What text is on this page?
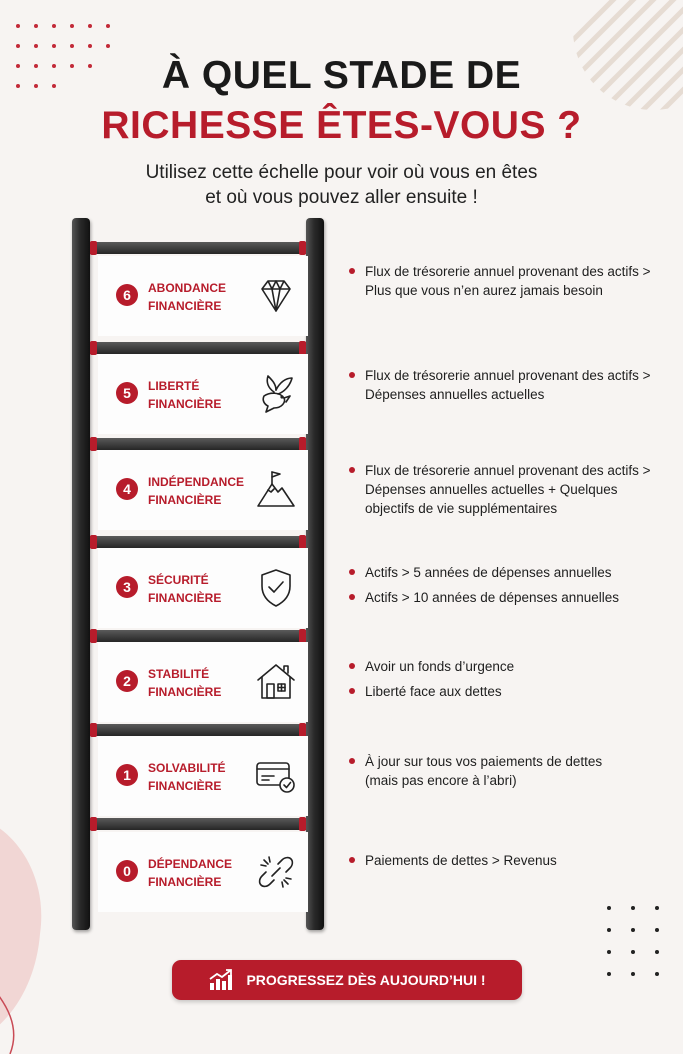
À QUEL STADE DE
RICHESSE ÊTES-VOUS ?
Utilisez cette échelle pour voir où vous en êtes
et où vous pouvez aller ensuite !
6	ABONDANCE
FINANCIÈRE
5	LIBERTÉ
FINANCIÈRE
4	INDÉPENDANCE
FINANCIÈRE
3	SÉCURITÉ
FINANCIÈRE
2	STABILITÉ
FINANCIÈRE
1	SOLVABILITÉ
FINANCIÈRE
0	DÉPENDANCE
FINANCIÈRE
Flux de trésorerie annuel provenant des actifs > Plus que vous n’en aurez jamais besoin
Flux de trésorerie annuel provenant des actifs > Dépenses annuelles actuelles
Flux de trésorerie annuel provenant des actifs > Dépenses annuelles actuelles + Quelques objectifs de vie supplémentaires
Actifs > 5 années de dépenses annuelles
Actifs > 10 années de dépenses annuelles
Avoir un fonds d’urgence
Liberté face aux dettes
À jour sur tous vos paiements de dettes (mais pas encore à l’abri)
Paiements de dettes > Revenus
PROGRESSEZ DÈS AUJOURD’HUI !
